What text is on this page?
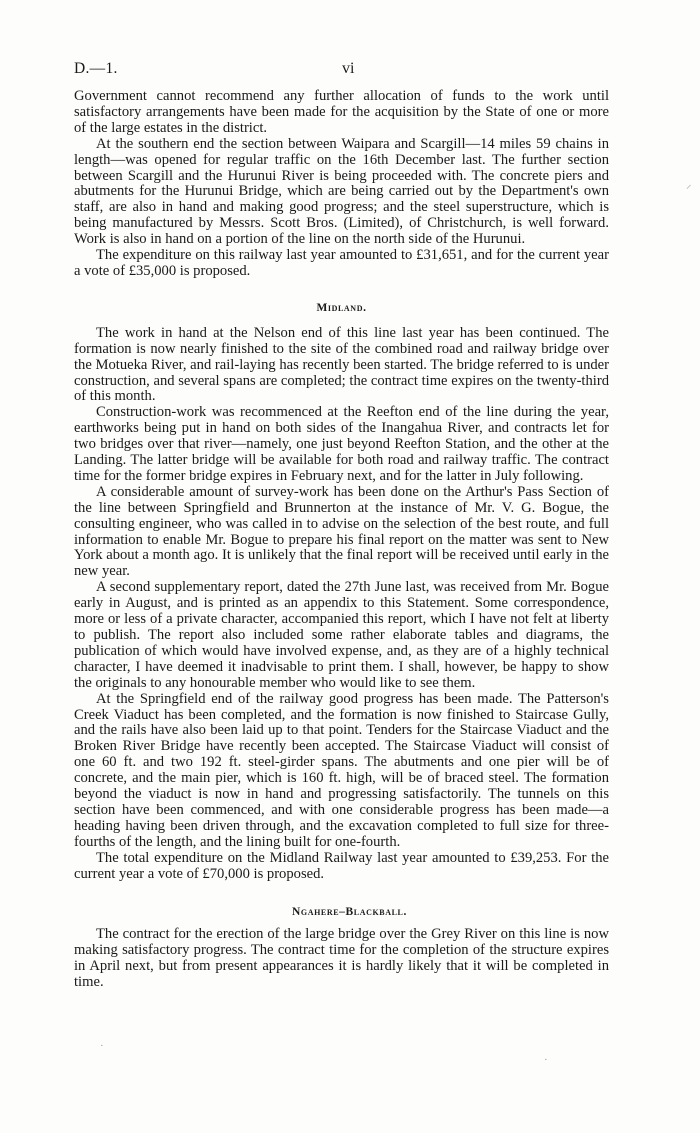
D.—1.	vi

Government cannot recommend any further allocation of funds to the work until satisfactory arrangements have been made for the acquisition by the State of one or more of the large estates in the district.

At the southern end the section between Waipara and Scargill—14 miles 59 chains in length—was opened for regular traffic on the 16th December last. The further section between Scargill and the Hurunui River is being proceeded with. The concrete piers and abutments for the Hurunui Bridge, which are being carried out by the Department's own staff, are also in hand and making good progress; and the steel superstructure, which is being manufactured by Messrs. Scott Bros. (Limited), of Christchurch, is well forward. Work is also in hand on a portion of the line on the north side of the Hurunui.

The expenditure on this railway last year amounted to £31,651, and for the current year a vote of £35,000 is proposed.

Midland.

The work in hand at the Nelson end of this line last year has been continued. The formation is now nearly finished to the site of the combined road and railway bridge over the Motueka River, and rail-laying has recently been started. The bridge referred to is under construction, and several spans are completed; the contract time expires on the twenty-third of this month.

Construction-work was recommenced at the Reefton end of the line during the year, earthworks being put in hand on both sides of the Inangahua River, and contracts let for two bridges over that river—namely, one just beyond Reefton Station, and the other at the Landing. The latter bridge will be available for both road and railway traffic. The contract time for the former bridge expires in February next, and for the latter in July following.

A considerable amount of survey-work has been done on the Arthur's Pass Section of the line between Springfield and Brunnerton at the instance of Mr. V. G. Bogue, the consulting engineer, who was called in to advise on the selection of the best route, and full information to enable Mr. Bogue to prepare his final report on the matter was sent to New York about a month ago. It is unlikely that the final report will be received until early in the new year.

A second supplementary report, dated the 27th June last, was received from Mr. Bogue early in August, and is printed as an appendix to this Statement. Some correspondence, more or less of a private character, accompanied this report, which I have not felt at liberty to publish. The report also included some rather elaborate tables and diagrams, the publication of which would have involved expense, and, as they are of a highly technical character, I have deemed it inadvisable to print them. I shall, however, be happy to show the originals to any honourable member who would like to see them.

At the Springfield end of the railway good progress has been made. The Patterson's Creek Viaduct has been completed, and the formation is now finished to Staircase Gully, and the rails have also been laid up to that point. Tenders for the Staircase Viaduct and the Broken River Bridge have recently been accepted. The Staircase Viaduct will consist of one 60 ft. and two 192 ft. steel-girder spans. The abutments and one pier will be of concrete, and the main pier, which is 160 ft. high, will be of braced steel. The formation beyond the viaduct is now in hand and progressing satisfactorily. The tunnels on this section have been commenced, and with one considerable progress has been made—a heading having been driven through, and the excavation completed to full size for three-fourths of the length, and the lining built for one-fourth.

The total expenditure on the Midland Railway last year amounted to £39,253. For the current year a vote of £70,000 is proposed.

Ngahere–Blackball.

The contract for the erection of the large bridge over the Grey River on this line is now making satisfactory progress. The contract time for the completion of the structure expires in April next, but from present appearances it is hardly likely that it will be completed in time.

⸝
·
·
